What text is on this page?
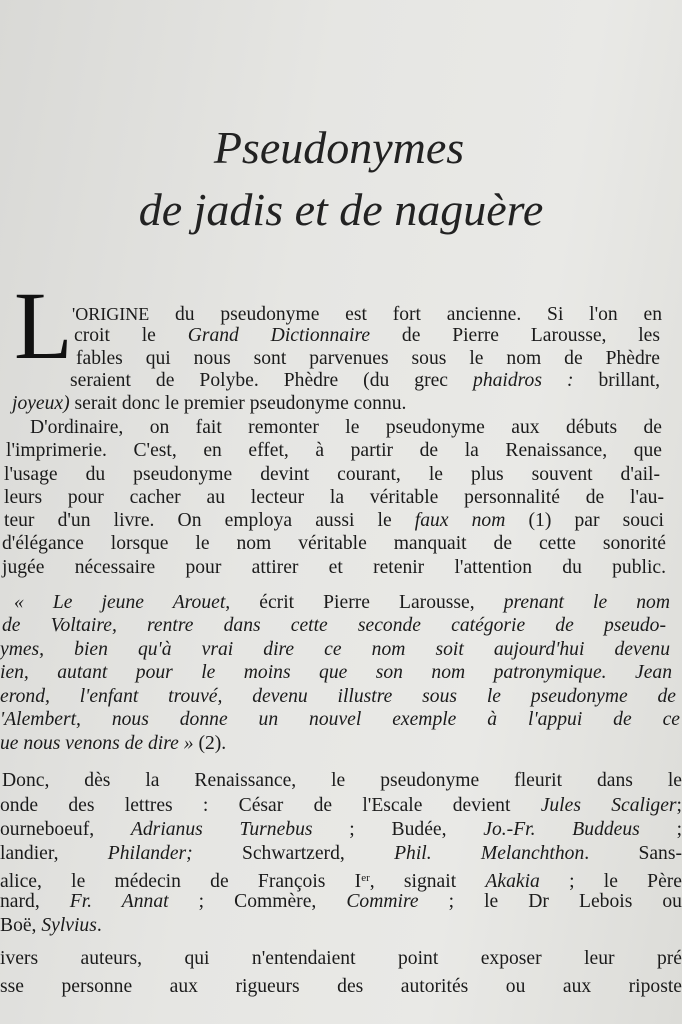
Pseudonymes
de jadis et de naguère
L 'ORIGINE du pseudonyme est fort ancienne. Si l'on en
croit le Grand Dictionnaire de Pierre Larousse, les
fables qui nous sont parvenues sous le nom de Phèdre
seraient de Polybe. Phèdre (du grec phaidros : brillant,
joyeux) serait donc le premier pseudonyme connu.
D'ordinaire, on fait remonter le pseudonyme aux débuts de
l'imprimerie. C'est, en effet, à partir de la Renaissance, que
l'usage du pseudonyme devint courant, le plus souvent d'ail-
leurs pour cacher au lecteur la véritable personnalité de l'au-
teur d'un livre. On employa aussi le faux nom (1) par souci
d'élégance lorsque le nom véritable manquait de cette sonorité
jugée nécessaire pour attirer et retenir l'attention du public.
« Le jeune Arouet, écrit Pierre Larousse, prenant le nom
de Voltaire, rentre dans cette seconde catégorie de pseudo-
ymes, bien qu'à vrai dire ce nom soit aujourd'hui devenu
ien, autant pour le moins que son nom patronymique. Jean
erond, l'enfant trouvé, devenu illustre sous le pseudonyme de
'Alembert, nous donne un nouvel exemple à l'appui de ce
ue nous venons de dire » (2).
Donc, dès la Renaissance, le pseudonyme fleurit dans le
onde des lettres : César de l'Escale devient Jules Scaliger;
ourneboeuf, Adrianus Turnebus ; Budée, Jo.-Fr. Buddeus ;
landier, Philander; Schwartzerd, Phil. Melanchthon. Sans-
alice, le médecin de François Ier, signait Akakia ; le Père
nard, Fr. Annat ; Commère, Commire ; le Dr Lebois ou
Boë, Sylvius.
ivers auteurs, qui n'entendaient point exposer leur pré
sse personne aux rigueurs des autorités ou aux riposte
